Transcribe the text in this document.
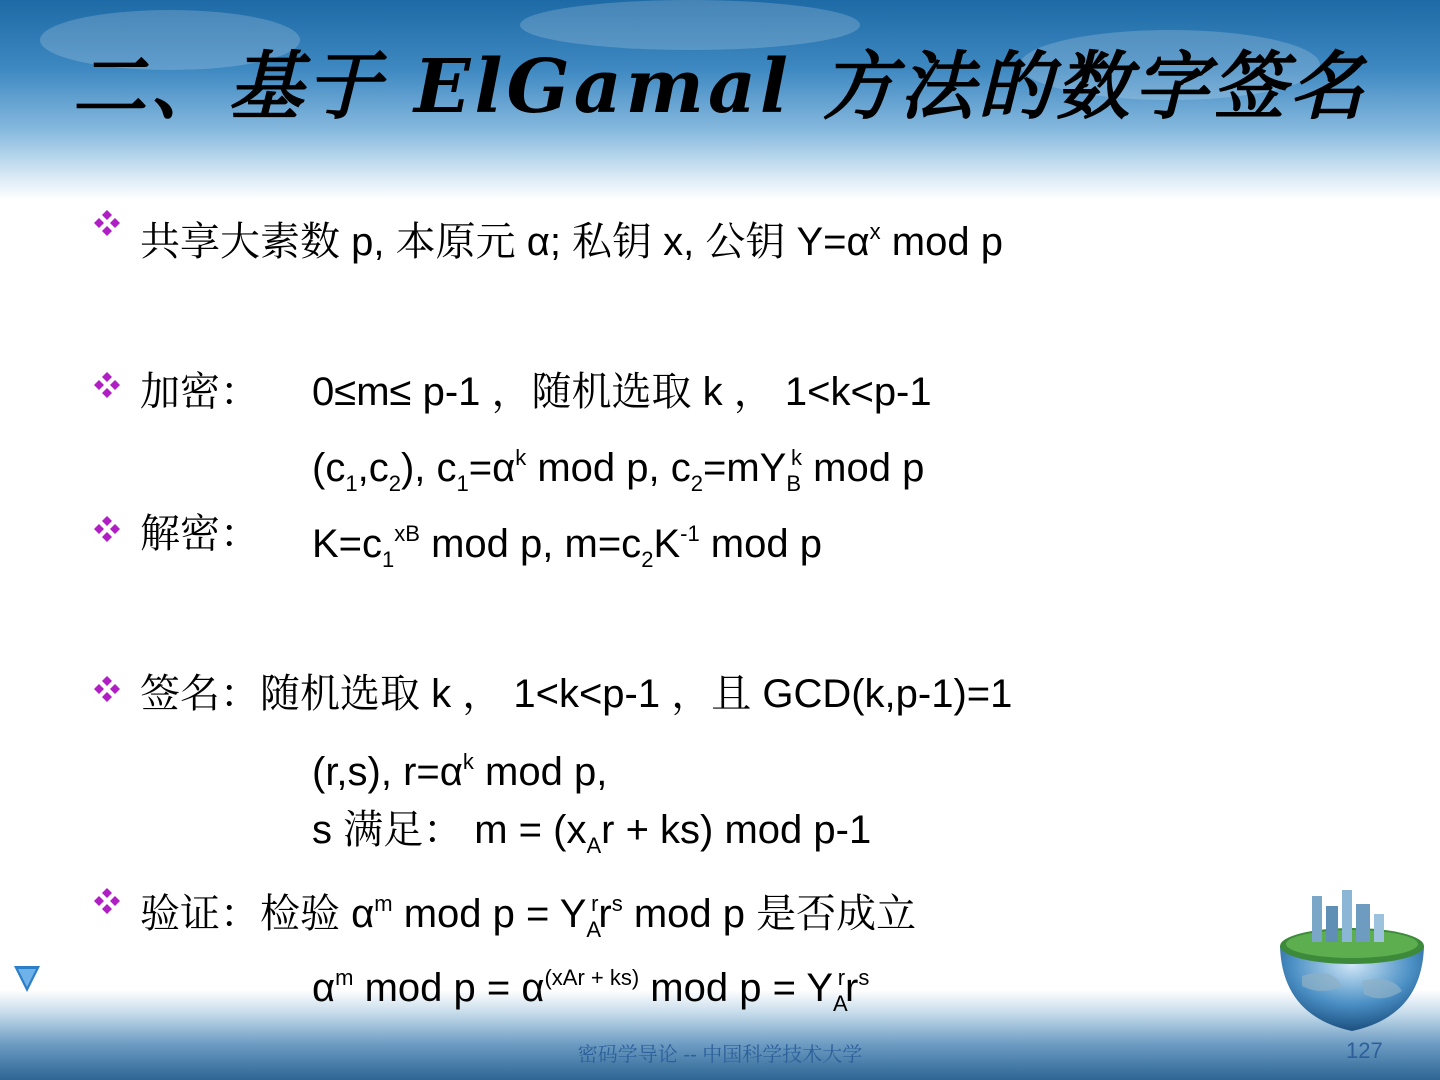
二、基于 ElGamal 方法的数字签名
共享大素数 p, 本原元 α; 私钥 x, 公钥 $Y=\alpha^x$ mod p
加密： 0≤m≤ p-1 ，随机选取 k ， 1<k<p-1
$(c_1,c_2)$, $c_1=\alpha^k$ mod p, $c_2=mY_B^k$ mod p
解密： $K=c_1^{xB}$ mod p, $m=c_2K^{-1}$ mod p
签名：随机选取 k ， 1<k<p-1 ，且 GCD(k,p-1)=1
(r,s), $r=\alpha^k$ mod p,
s 满足： $m = (x_Ar + ks)$ mod p-1
验证：检验 $\alpha^m$ mod $p = Y_A^rr^s$ mod p 是否成立
$\alpha^m$ mod $p = \alpha^{(xAr + ks)}$ mod $p = Y_A^rr^s$
密码学导论 -- 中国科学技术大学	127
